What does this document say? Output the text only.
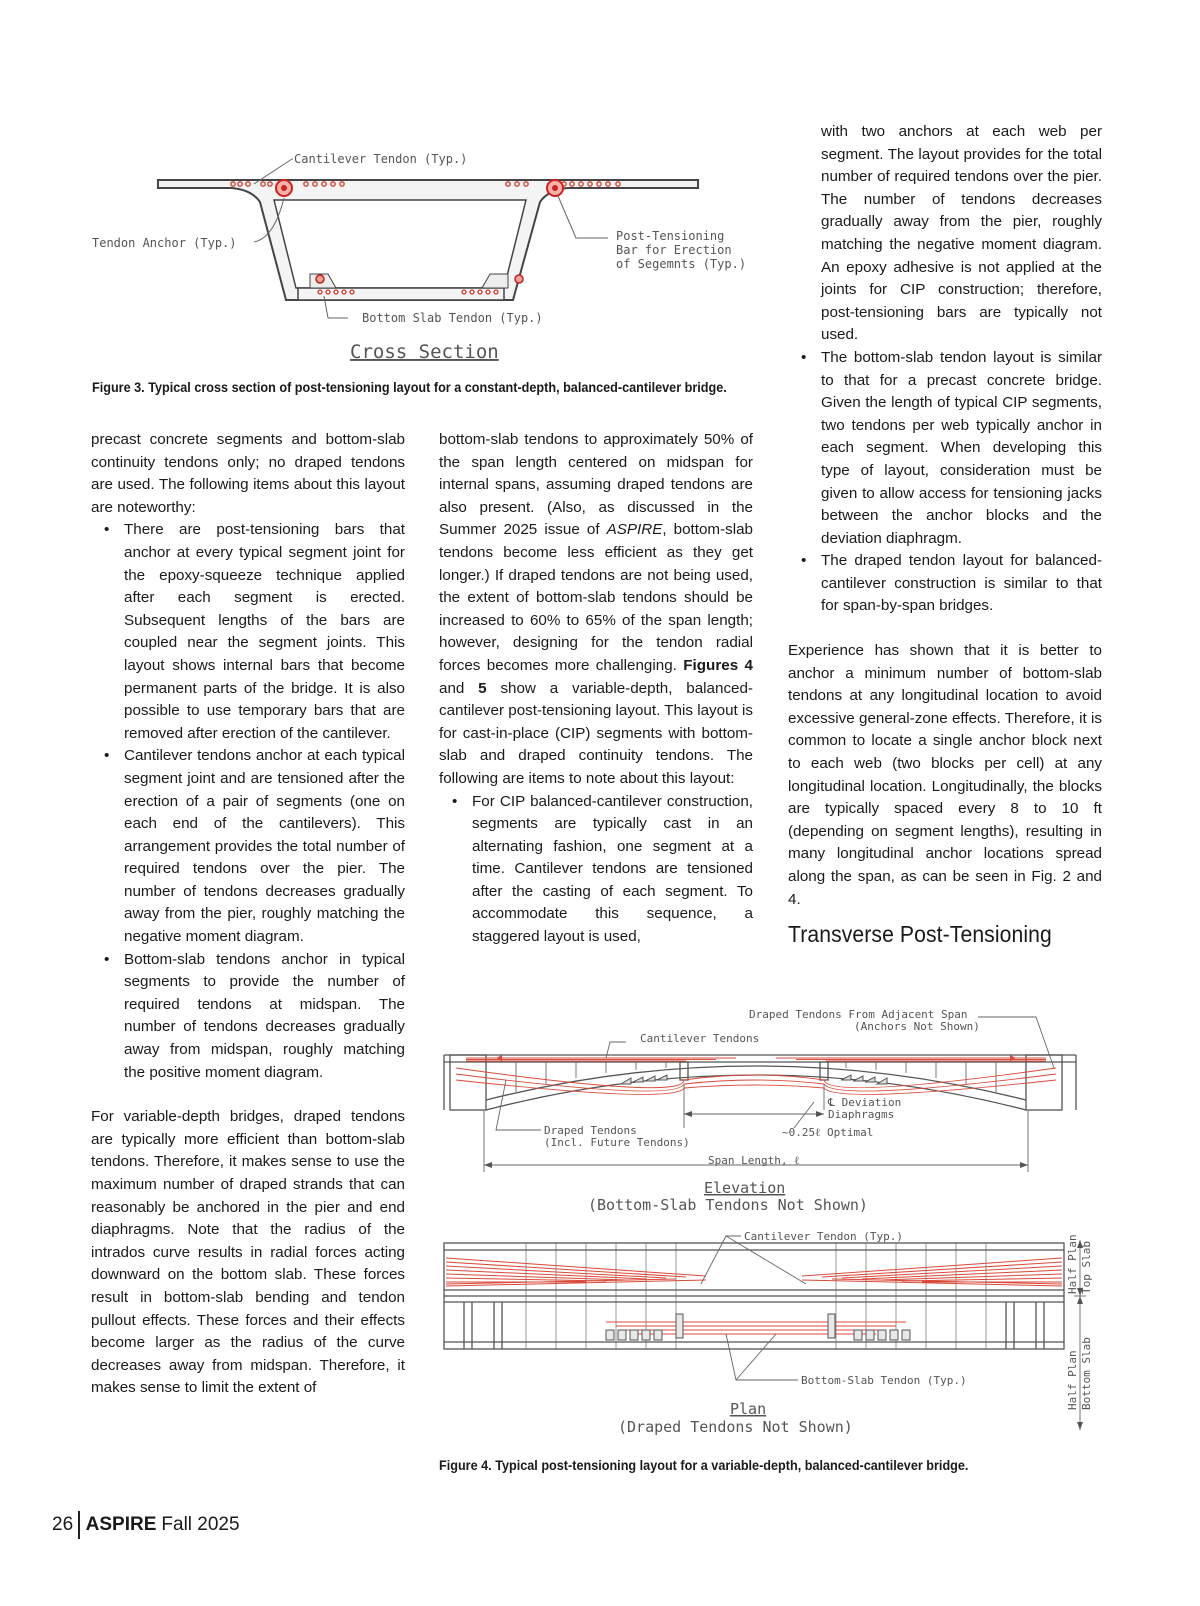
Cantilever Tendon (Typ.)
Tendon Anchor (Typ.)	Post-Tensioning
Bar for Erection
of Segemnts (Typ.)
Bottom Slab Tendon (Typ.)
Cross Section
Figure 3. Typical cross section of post-tensioning layout for a constant-depth, balanced-cantilever bridge.

precast concrete segments and bottom-slab continuity tendons only; no draped tendons are used. The following items about this layout are noteworthy:

• There are post-tensioning bars that anchor at every typical segment joint for the epoxy-squeeze technique applied after each segment is erected. Subsequent lengths of the bars are coupled near the segment joints. This layout shows internal bars that become permanent parts of the bridge. It is also possible to use temporary bars that are removed after erection of the cantilever.
• Cantilever tendons anchor at each typical segment joint and are tensioned after the erection of a pair of segments (one on each end of the cantilevers). This arrangement provides the total number of required tendons over the pier. The number of tendons decreases gradually away from the pier, roughly matching the negative moment diagram.
• Bottom-slab tendons anchor in typical segments to provide the number of required tendons at midspan. The number of tendons decreases gradually away from midspan, roughly matching the positive moment diagram.

For variable-depth bridges, draped tendons are typically more efficient than bottom-slab tendons. Therefore, it makes sense to use the maximum number of draped strands that can reasonably be anchored in the pier and end diaphragms. Note that the radius of the intrados curve results in radial forces acting downward on the bottom slab. These forces result in bottom-slab bending and tendon pullout effects. These forces and their effects become larger as the radius of the curve decreases away from midspan. Therefore, it makes sense to limit the extent of

bottom-slab tendons to approximately 50% of the span length centered on midspan for internal spans, assuming draped tendons are also present. (Also, as discussed in the Summer 2025 issue of ASPIRE, bottom-slab tendons become less efficient as they get longer.) If draped tendons are not being used, the extent of bottom-slab tendons should be increased to 60% to 65% of the span length; however, designing for the tendon radial forces becomes more challenging. Figures 4 and 5 show a variable-depth, balanced-cantilever post-tensioning layout. This layout is for cast-in-place (CIP) segments with bottom-slab and draped continuity tendons. The following are items to note about this layout:

• For CIP balanced-cantilever construction, segments are typically cast in an alternating fashion, one segment at a time. Cantilever tendons are tensioned after the casting of each segment. To accommodate this sequence, a staggered layout is used,
with two anchors at each web per segment. The layout provides for the total number of required tendons over the pier. The number of tendons decreases gradually away from the pier, roughly matching the negative moment diagram. An epoxy adhesive is not applied at the joints for CIP construction; therefore, post-tensioning bars are typically not used.
• The bottom-slab tendon layout is similar to that for a precast concrete bridge. Given the length of typical CIP segments, two tendons per web typically anchor in each segment. When developing this type of layout, consideration must be given to allow access for tensioning jacks between the anchor blocks and the deviation diaphragm.
• The draped tendon layout for balanced-cantilever construction is similar to that for span-by-span bridges.

Experience has shown that it is better to anchor a minimum number of bottom-slab tendons at any longitudinal location to avoid excessive general-zone effects. Therefore, it is common to locate a single anchor block next to each web (two blocks per cell) at any longitudinal location. Longitudinally, the blocks are typically spaced every 8 to 10 ft (depending on segment lengths), resulting in many longitudinal anchor locations spread along the span, as can be seen in Fig. 2 and 4.

Transverse Post-Tensioning
Draped Tendons From Adjacent Span
(Anchors Not Shown)
Cantilever Tendons
℄ Deviation
Diaphragms
Draped Tendons
(Incl. Future Tendons)
~0.25ℓ Optimal
Span Length, ℓ
Elevation
(Bottom-Slab Tendons Not Shown)
Cantilever Tendon (Typ.)
Bottom-Slab Tendon (Typ.)
Half Plan Top Slab
Half Plan Bottom Slab
Plan
(Draped Tendons Not Shown)
Figure 4. Typical post-tensioning layout for a variable-depth, balanced-cantilever bridge.
26 ASPIRE Fall 2025
